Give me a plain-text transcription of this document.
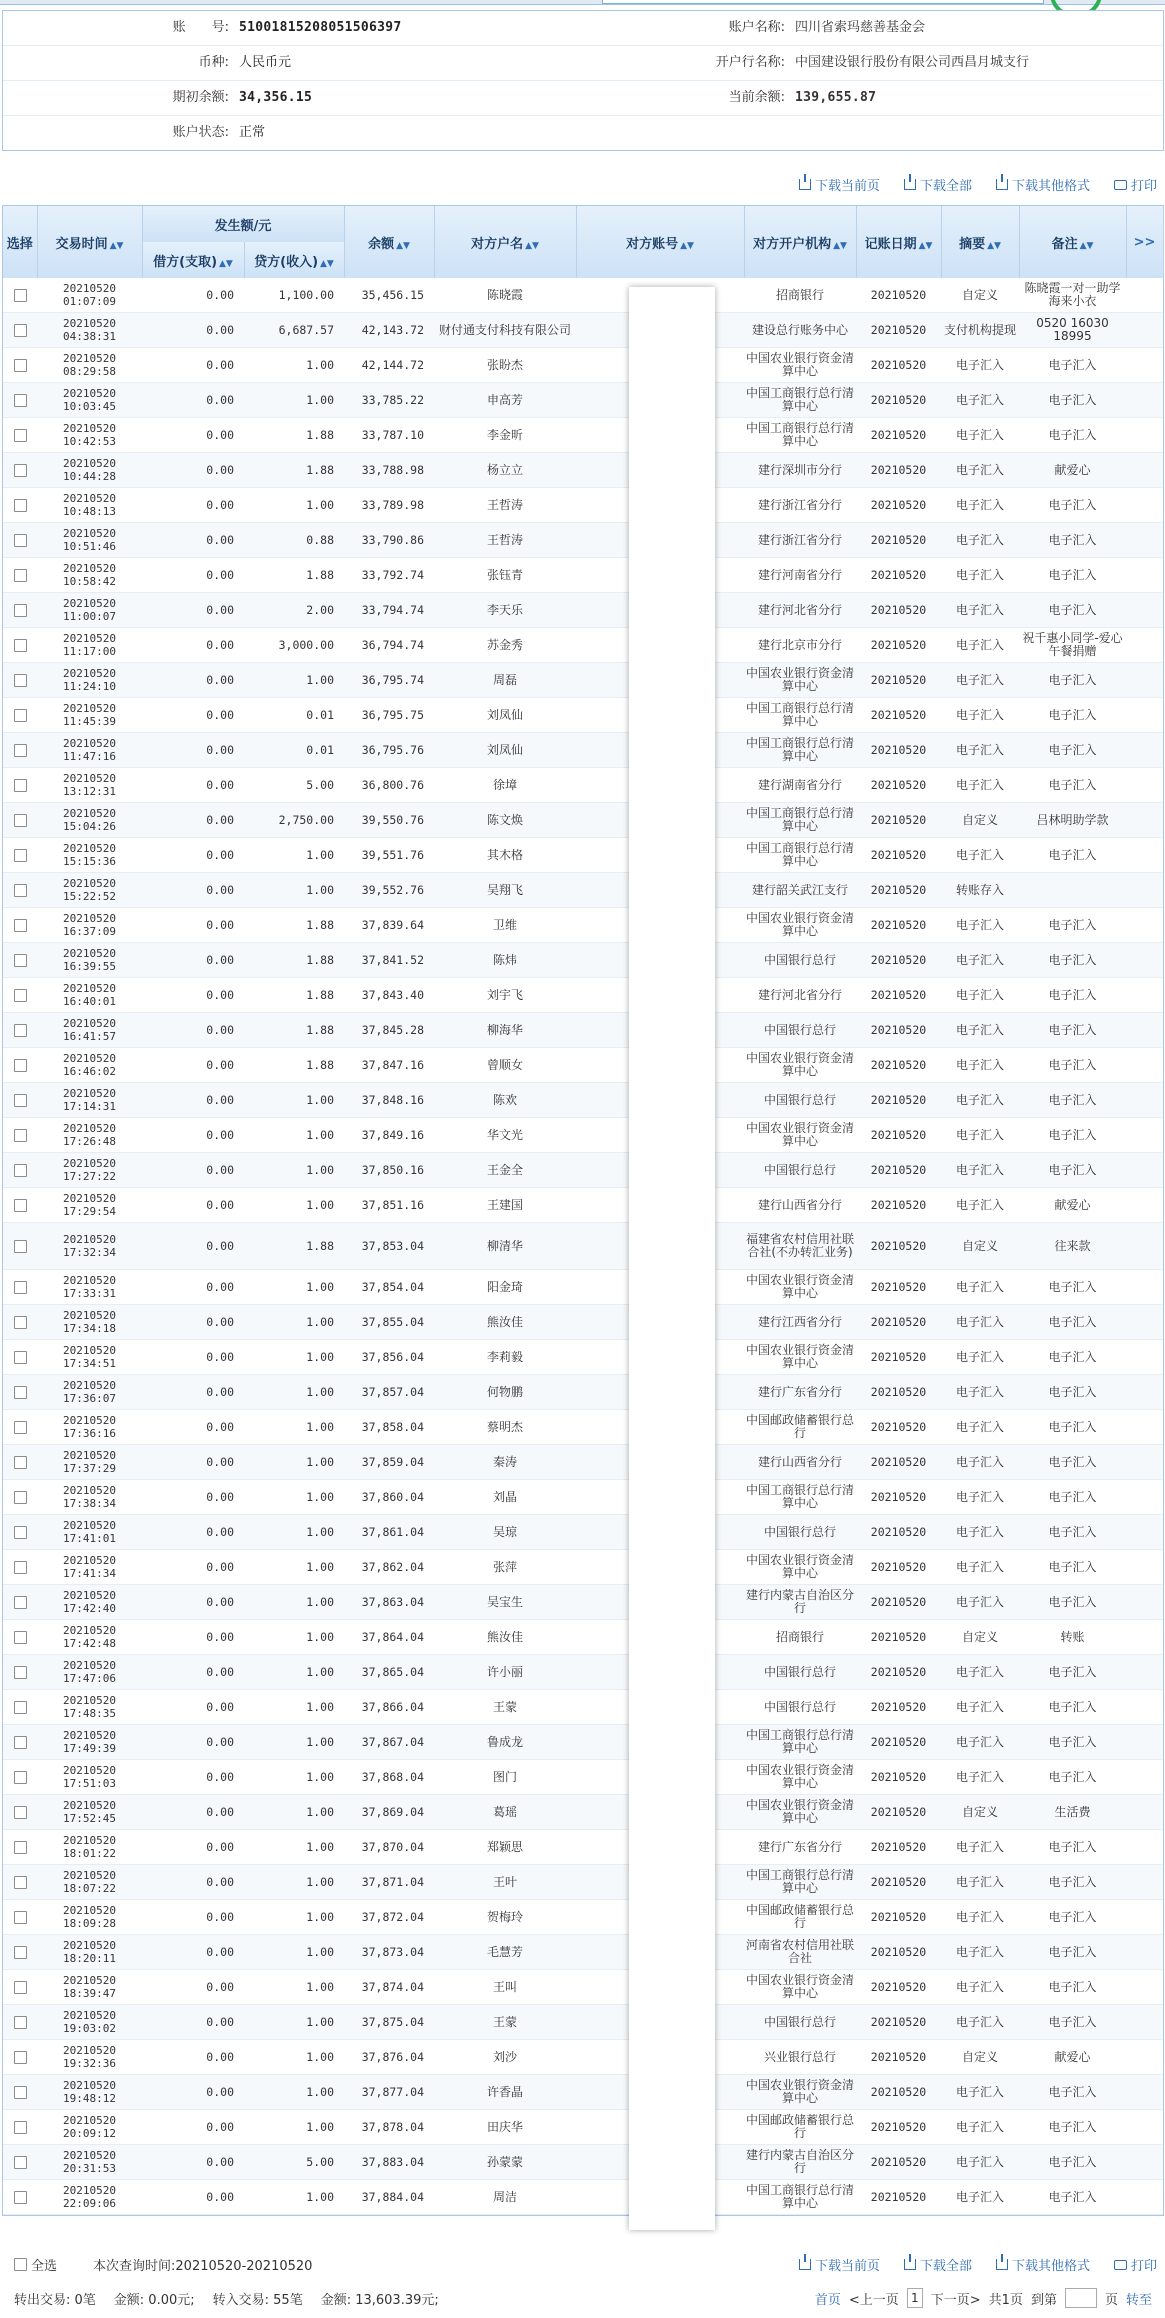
账　　号: 51001815208051506397	账户名称: 四川省索玛慈善基金会
币种: 人民币元	开户行名称: 中国建设银行股份有限公司西昌月城支行
期初余额: 34,356.15	当前余额: 139,655.87
账户状态: 正常
下载当前页	下载全部	下载其他格式	打印
选择	交易时间 ▲▼	发生额/元		余额 ▲▼	对方户名 ▲▼	对方账号 ▲▼	对方开户机构 ▲▼	记账日期 ▲▼	摘要 ▲▼	备注 ▲▼	>>
		借方(支取) ▲▼	贷方(收入) ▲▼								
	20210520 01:07:09	0.00	1,100.00	35,456.15	陈晓霞		招商银行	20210520	自定义	陈晓霞一对一助学海来小衣	
	20210520 04:38:31	0.00	6,687.57	42,143.72	财付通支付科技有限公司		建设总行账务中心	20210520	支付机构提现	0520 16030 18995	
	20210520 08:29:58	0.00	1.00	42,144.72	张盼杰		中国农业银行资金清算中心	20210520	电子汇入	电子汇入	
	20210520 10:03:45	0.00	1.00	33,785.22	申高芳		中国工商银行总行清算中心	20210520	电子汇入	电子汇入	
	20210520 10:42:53	0.00	1.88	33,787.10	李金昕		中国工商银行总行清算中心	20210520	电子汇入	电子汇入	
	20210520 10:44:28	0.00	1.88	33,788.98	杨立立		建行深圳市分行	20210520	电子汇入	献爱心	
	20210520 10:48:13	0.00	1.00	33,789.98	王哲涛		建行浙江省分行	20210520	电子汇入	电子汇入	
	20210520 10:51:46	0.00	0.88	33,790.86	王哲涛		建行浙江省分行	20210520	电子汇入	电子汇入	
	20210520 10:58:42	0.00	1.88	33,792.74	张钰青		建行河南省分行	20210520	电子汇入	电子汇入	
	20210520 11:00:07	0.00	2.00	33,794.74	李天乐		建行河北省分行	20210520	电子汇入	电子汇入	
	20210520 11:17:00	0.00	3,000.00	36,794.74	苏金秀		建行北京市分行	20210520	电子汇入	祝千惠小同学-爱心午餐捐赠	
	20210520 11:24:10	0.00	1.00	36,795.74	周磊		中国农业银行资金清算中心	20210520	电子汇入	电子汇入	
	20210520 11:45:39	0.00	0.01	36,795.75	刘凤仙		中国工商银行总行清算中心	20210520	电子汇入	电子汇入	
	20210520 11:47:16	0.00	0.01	36,795.76	刘凤仙		中国工商银行总行清算中心	20210520	电子汇入	电子汇入	
	20210520 13:12:31	0.00	5.00	36,800.76	徐墇		建行湖南省分行	20210520	电子汇入	电子汇入	
	20210520 15:04:26	0.00	2,750.00	39,550.76	陈文焕		中国工商银行总行清算中心	20210520	自定义	吕林明助学款	
	20210520 15:15:36	0.00	1.00	39,551.76	其木格		中国工商银行总行清算中心	20210520	电子汇入	电子汇入	
	20210520 15:22:52	0.00	1.00	39,552.76	吴翔飞		建行韶关武江支行	20210520	转账存入		
	20210520 16:37:09	0.00	1.88	37,839.64	卫维		中国农业银行资金清算中心	20210520	电子汇入	电子汇入	
	20210520 16:39:55	0.00	1.88	37,841.52	陈炜		中国银行总行	20210520	电子汇入	电子汇入	
	20210520 16:40:01	0.00	1.88	37,843.40	刘宇飞		建行河北省分行	20210520	电子汇入	电子汇入	
	20210520 16:41:57	0.00	1.88	37,845.28	柳海华		中国银行总行	20210520	电子汇入	电子汇入	
	20210520 16:46:02	0.00	1.88	37,847.16	曾顺女		中国农业银行资金清算中心	20210520	电子汇入	电子汇入	
	20210520 17:14:31	0.00	1.00	37,848.16	陈欢		中国银行总行	20210520	电子汇入	电子汇入	
	20210520 17:26:48	0.00	1.00	37,849.16	华文光		中国农业银行资金清算中心	20210520	电子汇入	电子汇入	
	20210520 17:27:22	0.00	1.00	37,850.16	王金全		中国银行总行	20210520	电子汇入	电子汇入	
	20210520 17:29:54	0.00	1.00	37,851.16	王建国		建行山西省分行	20210520	电子汇入	献爱心	
	20210520 17:32:34	0.00	1.88	37,853.04	柳清华		福建省农村信用社联合社(不办转汇业务)	20210520	自定义	往来款	
	20210520 17:33:31	0.00	1.00	37,854.04	阳金琦		中国农业银行资金清算中心	20210520	电子汇入	电子汇入	
	20210520 17:34:18	0.00	1.00	37,855.04	熊汝佳		建行江西省分行	20210520	电子汇入	电子汇入	
	20210520 17:34:51	0.00	1.00	37,856.04	李莉毅		中国农业银行资金清算中心	20210520	电子汇入	电子汇入	
	20210520 17:36:07	0.00	1.00	37,857.04	何物鹏		建行广东省分行	20210520	电子汇入	电子汇入	
	20210520 17:36:16	0.00	1.00	37,858.04	蔡明杰		中国邮政储蓄银行总行	20210520	电子汇入	电子汇入	
	20210520 17:37:29	0.00	1.00	37,859.04	秦涛		建行山西省分行	20210520	电子汇入	电子汇入	
	20210520 17:38:34	0.00	1.00	37,860.04	刘晶		中国工商银行总行清算中心	20210520	电子汇入	电子汇入	
	20210520 17:41:01	0.00	1.00	37,861.04	吴琼		中国银行总行	20210520	电子汇入	电子汇入	
	20210520 17:41:34	0.00	1.00	37,862.04	张萍		中国农业银行资金清算中心	20210520	电子汇入	电子汇入	
	20210520 17:42:40	0.00	1.00	37,863.04	吴宝生		建行内蒙古自治区分行	20210520	电子汇入	电子汇入	
	20210520 17:42:48	0.00	1.00	37,864.04	熊汝佳		招商银行	20210520	自定义	转账	
	20210520 17:47:06	0.00	1.00	37,865.04	许小丽		中国银行总行	20210520	电子汇入	电子汇入	
	20210520 17:48:35	0.00	1.00	37,866.04	王蒙		中国银行总行	20210520	电子汇入	电子汇入	
	20210520 17:49:39	0.00	1.00	37,867.04	鲁成龙		中国工商银行总行清算中心	20210520	电子汇入	电子汇入	
	20210520 17:51:03	0.00	1.00	37,868.04	图门		中国农业银行资金清算中心	20210520	电子汇入	电子汇入	
	20210520 17:52:45	0.00	1.00	37,869.04	葛瑶		中国农业银行资金清算中心	20210520	自定义	生活费	
	20210520 18:01:22	0.00	1.00	37,870.04	郑颖思		建行广东省分行	20210520	电子汇入	电子汇入	
	20210520 18:07:22	0.00	1.00	37,871.04	王叶		中国工商银行总行清算中心	20210520	电子汇入	电子汇入	
	20210520 18:09:28	0.00	1.00	37,872.04	贺梅玲		中国邮政储蓄银行总行	20210520	电子汇入	电子汇入	
	20210520 18:20:11	0.00	1.00	37,873.04	毛慧芳		河南省农村信用社联合社	20210520	电子汇入	电子汇入	
	20210520 18:39:47	0.00	1.00	37,874.04	王叫		中国农业银行资金清算中心	20210520	电子汇入	电子汇入	
	20210520 19:03:02	0.00	1.00	37,875.04	王蒙		中国银行总行	20210520	电子汇入	电子汇入	
	20210520 19:32:36	0.00	1.00	37,876.04	刘沙		兴业银行总行	20210520	自定义	献爱心	
	20210520 19:48:12	0.00	1.00	37,877.04	许香晶		中国农业银行资金清算中心	20210520	电子汇入	电子汇入	
	20210520 20:09:12	0.00	1.00	37,878.04	田庆华		中国邮政储蓄银行总行	20210520	电子汇入	电子汇入	
	20210520 20:31:53	0.00	5.00	37,883.04	孙蒙蒙		建行内蒙古自治区分行	20210520	电子汇入	电子汇入	
	20210520 22:09:06	0.00	1.00	37,884.04	周洁		中国工商银行总行清算中心	20210520	电子汇入	电子汇入	
全选	本次查询时间:20210520-20210520	下载当前页	下载全部	下载其他格式	打印
转出交易: 0笔 金额: 0.00元; 转入交易: 55笔 金额: 13,603.39元;	首页 <上一页	1 下一页> 共1页 到第	页 转至
